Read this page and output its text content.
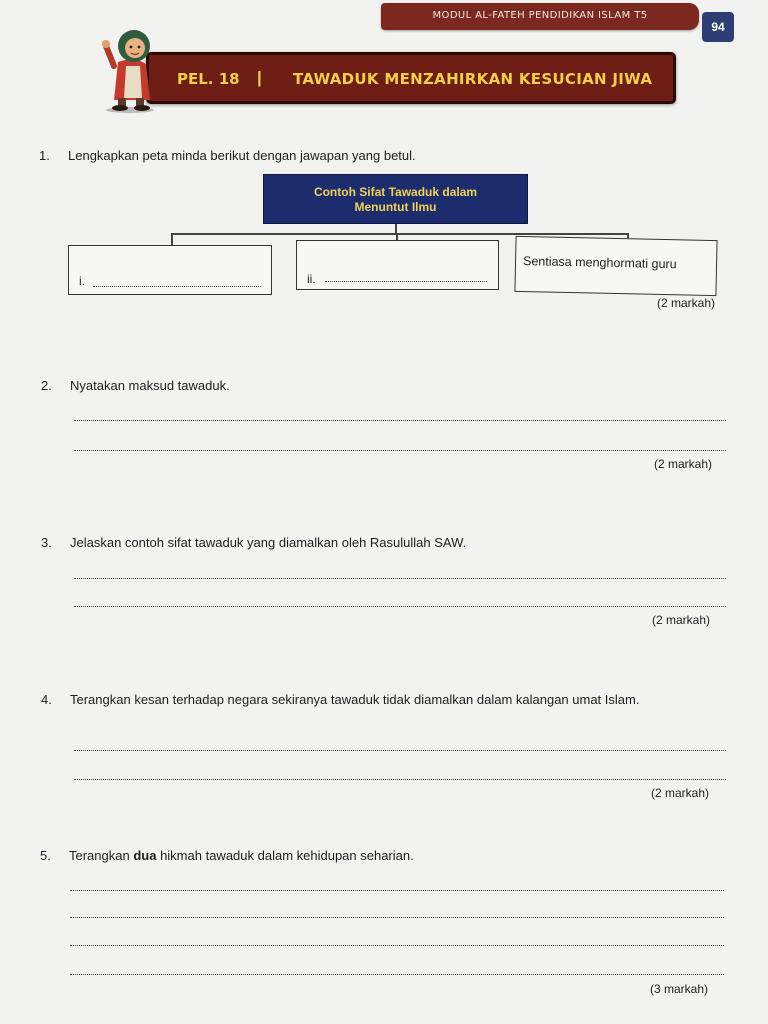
MODUL AL-FATEH PENDIDIKAN ISLAM T5
94
PEL. 18 | TAWADUK MENZAHIRKAN KESUCIAN JIWA
1. Lengkapkan peta minda berikut dengan jawapan yang betul.
Contoh Sifat Tawaduk dalam
Menuntut Ilmu
i.	ii.
Sentiasa menghormati guru
(2 markah)
2. Nyatakan maksud tawaduk.
(2 markah)
3. Jelaskan contoh sifat tawaduk yang diamalkan oleh Rasulullah SAW.
(2 markah)
4. Terangkan kesan terhadap negara sekiranya tawaduk tidak diamalkan dalam kalangan umat Islam.
(2 markah)
5. Terangkan dua hikmah tawaduk dalam kehidupan seharian.
(3 markah)
